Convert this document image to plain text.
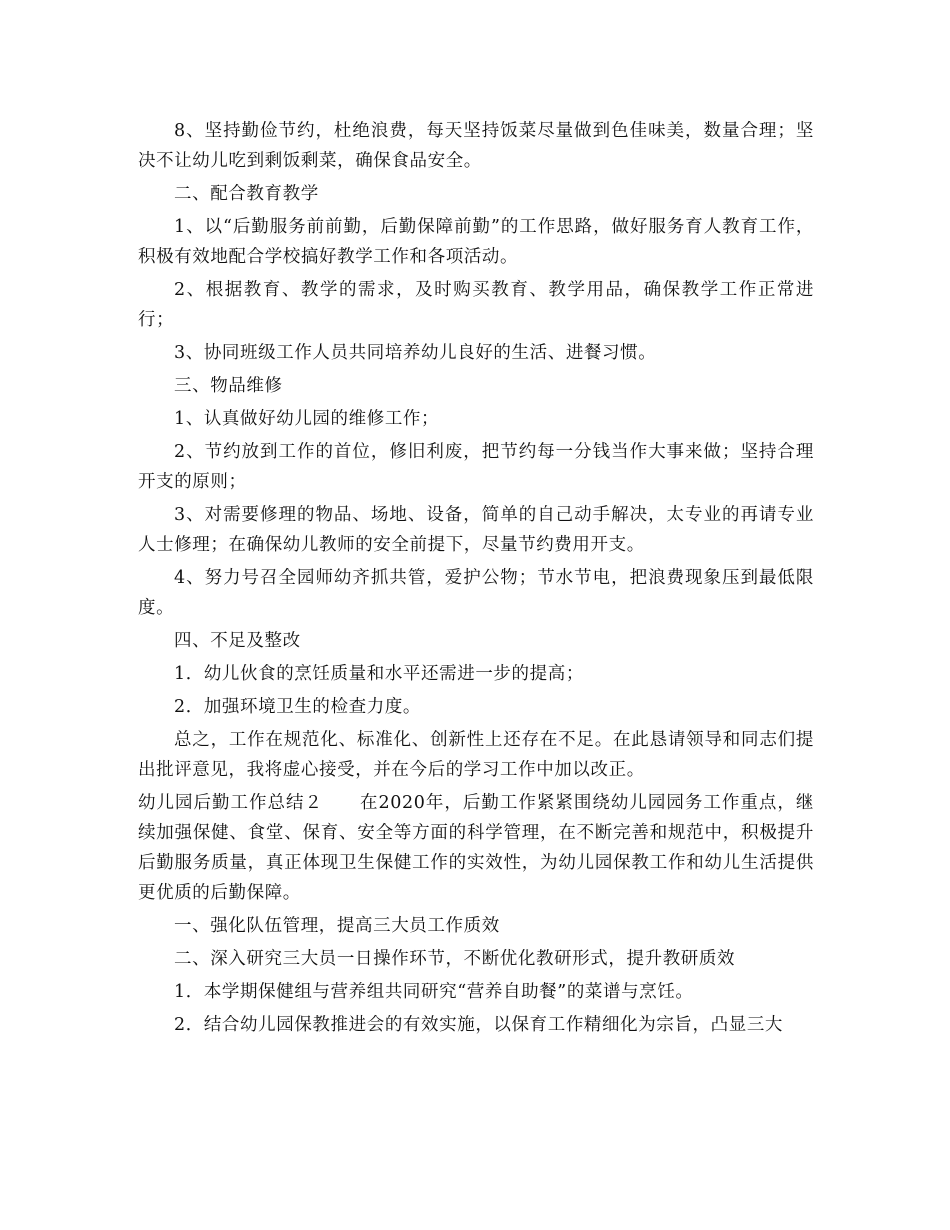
8、坚持勤俭节约，杜绝浪费，每天坚持饭菜尽量做到色佳味美，数量合理；坚决不让幼儿吃到剩饭剩菜，确保食品安全。

二、配合教育教学

1、以“后勤服务前前勤，后勤保障前勤”的工作思路，做好服务育人教育工作，积极有效地配合学校搞好教学工作和各项活动。

2、根据教育、教学的需求，及时购买教育、教学用品，确保教学工作正常进行；

3、协同班级工作人员共同培养幼儿良好的生活、进餐习惯。

三、物品维修

1、认真做好幼儿园的维修工作；

2、节约放到工作的首位，修旧利废，把节约每一分钱当作大事来做；坚持合理开支的原则；

3、对需要修理的物品、场地、设备，简单的自己动手解决，太专业的再请专业人士修理；在确保幼儿教师的安全前提下，尽量节约费用开支。

4、努力号召全园师幼齐抓共管，爱护公物；节水节电，把浪费现象压到最低限度。

四、不足及整改

1．幼儿伙食的烹饪质量和水平还需进一步的提高；

2．加强环境卫生的检查力度。

总之，工作在规范化、标准化、创新性上还存在不足。在此恳请领导和同志们提出批评意见，我将虚心接受，并在今后的学习工作中加以改正。

幼儿园后勤工作总结２　　在2020年，后勤工作紧紧围绕幼儿园园务工作重点，继续加强保健、食堂、保育、安全等方面的科学管理，在不断完善和规范中，积极提升后勤服务质量，真正体现卫生保健工作的实效性，为幼儿园保教工作和幼儿生活提供更优质的后勤保障。

一、强化队伍管理，提高三大员工作质效

二、深入研究三大员一日操作环节，不断优化教研形式，提升教研质效

1．本学期保健组与营养组共同研究“营养自助餐”的菜谱与烹饪。

2．结合幼儿园保教推进会的有效实施，以保育工作精细化为宗旨，凸显三大
